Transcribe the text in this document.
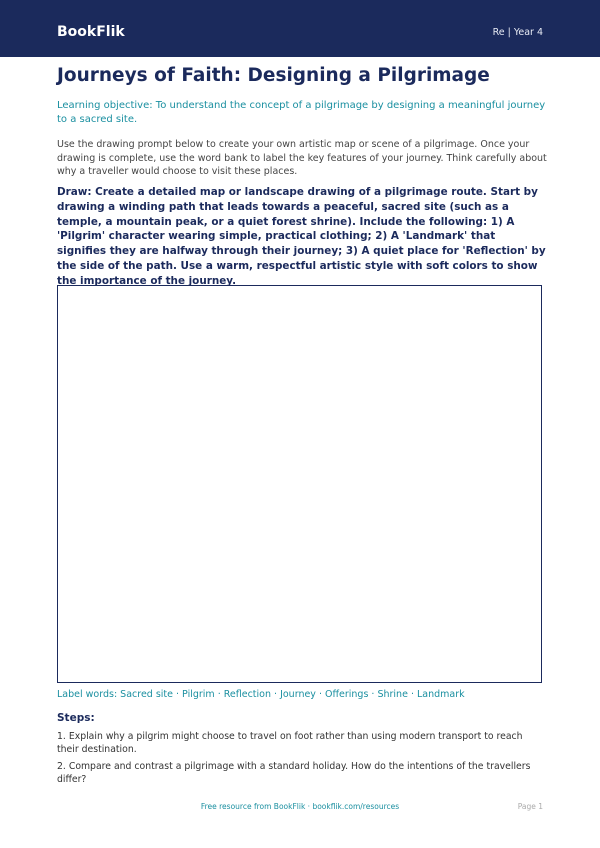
BookFlik	Re | Year 4
Journeys of Faith: Designing a Pilgrimage

Learning objective: To understand the concept of a pilgrimage by designing a meaningful journey to a sacred site.

Use the drawing prompt below to create your own artistic map or scene of a pilgrimage. Once your drawing is complete, use the word bank to label the key features of your journey. Think carefully about why a traveller would choose to visit these places.

Draw: Create a detailed map or landscape drawing of a pilgrimage route. Start by drawing a winding path that leads towards a peaceful, sacred site (such as a temple, a mountain peak, or a quiet forest shrine). Include the following: 1) A 'Pilgrim' character wearing simple, practical clothing; 2) A 'Landmark' that signifies they are halfway through their journey; 3) A quiet place for 'Reflection' by the side of the path. Use a warm, respectful artistic style with soft colors to show the importance of the journey.

Label words: Sacred site · Pilgrim · Reflection · Journey · Offerings · Shrine · Landmark

Steps:

1. Explain why a pilgrim might choose to travel on foot rather than using modern transport to reach their destination.

2. Compare and contrast a pilgrimage with a standard holiday. How do the intentions of the travellers differ?

Free resource from BookFlik · bookflik.com/resources	Page 1
